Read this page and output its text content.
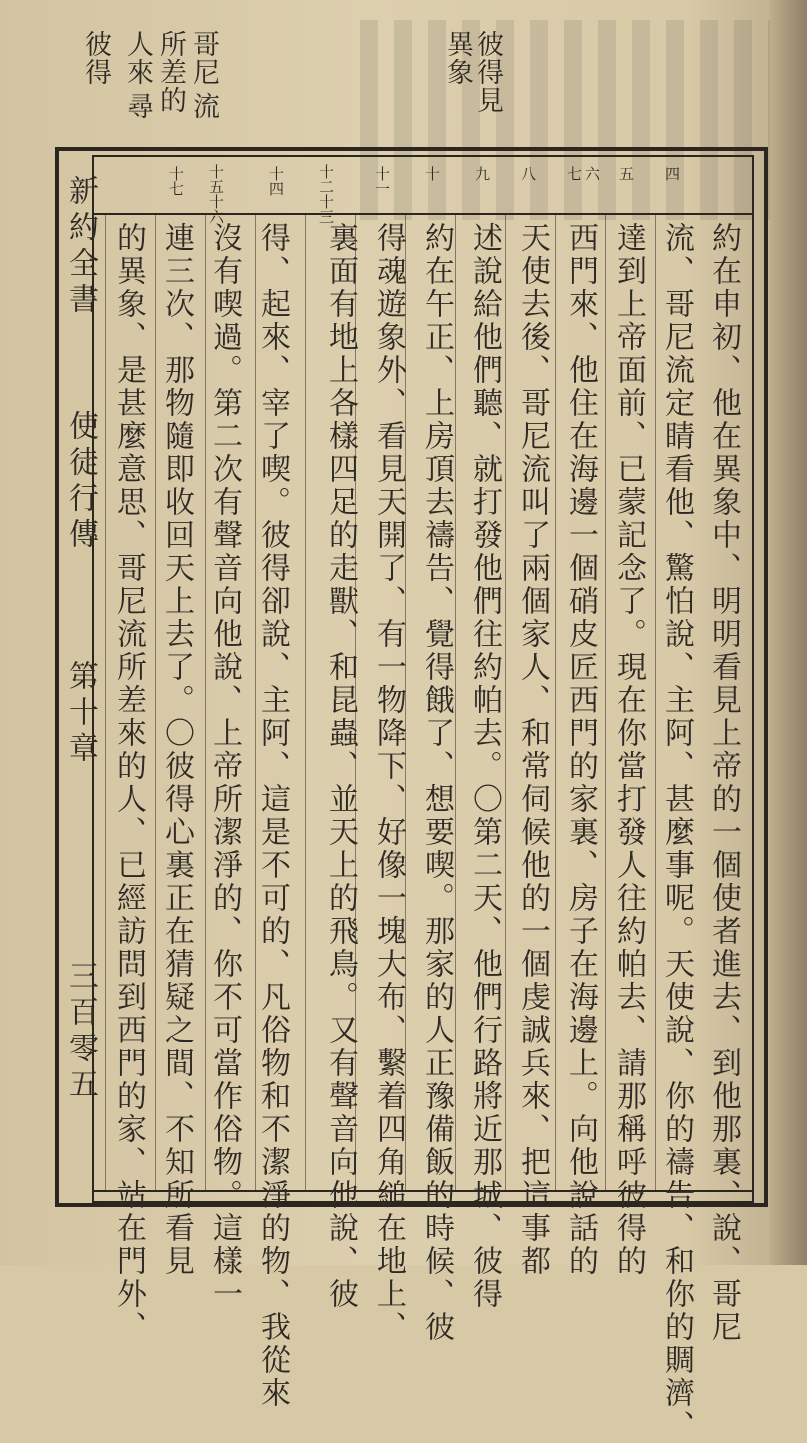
彼得見
異象
哥尼
所差的 流
人來
尋
彼得
四
五
六
七
八
九
十
十一
十二十三
十四
十五十六
十七
約在申初、他在異象中、明明看見上帝的一個使者進去、到他那裏、說、哥尼
流、哥尼流定睛看他、驚怕說、主阿、甚麼事呢。天使說、你的禱告、和你的賙濟、
達到上帝面前、已蒙記念了。現在你當打發人往約帕去、請那稱呼彼得的
西門來、他住在海邊一個硝皮匠西門的家裏、房子在海邊上。向他說話的
天使去後、哥尼流叫了兩個家人、和常伺候他的一個虔誠兵來、把這事都
述說給他們聽、就打發他們往約帕去。〇第二天、他們行路將近那城、彼得
約在午正、上房頂去禱告、覺得餓了、想要喫。那家的人正豫備飯的時候、彼
得魂遊象外、看見天開了、有一物降下、好像一塊大布、繫着四角縋在地上、
裏面有地上各樣四足的走獸、和昆蟲、並天上的飛鳥。又有聲音向他說、彼
得、起來、宰了喫。彼得卻說、主阿、這是不可的、凡俗物和不潔淨的物、我從來
沒有喫過。第二次有聲音向他說、上帝所潔淨的、你不可當作俗物。這樣一
連三次、那物隨即收回天上去了。〇彼得心裏正在猜疑之間、不知所看見
的異象、是甚麼意思、哥尼流所差來的人、已經訪問到西門的家、站在門外、
新約全書
使徒行傳
第十章
三百零五
